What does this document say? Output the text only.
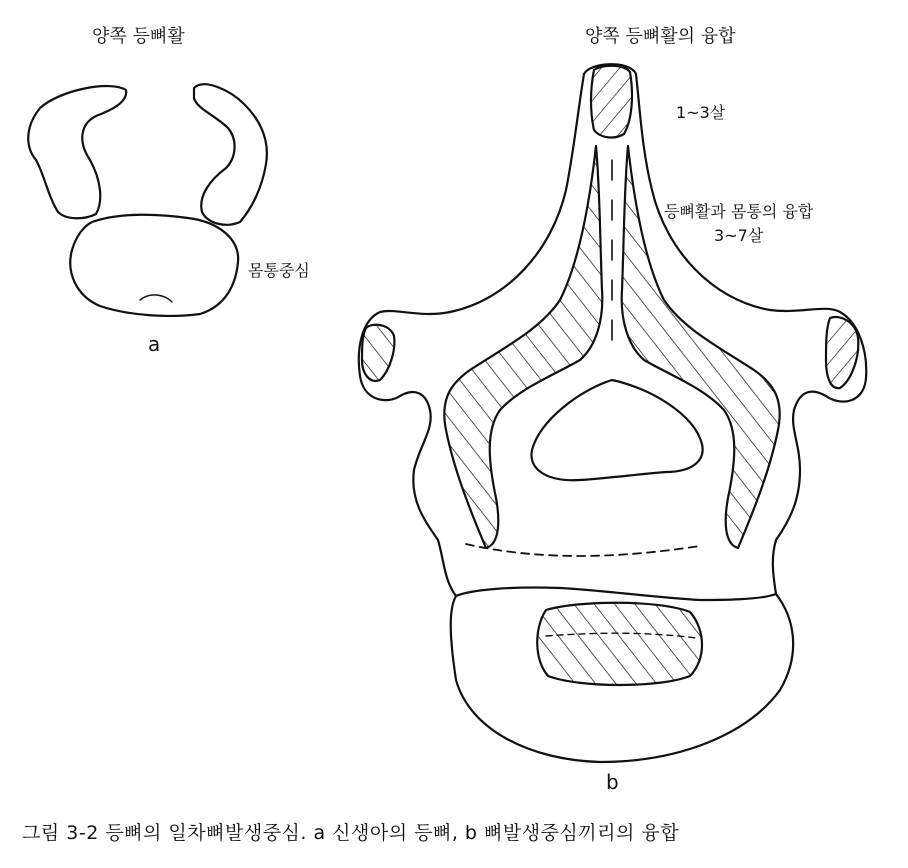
양쪽 등뼈활	양쪽 등뼈활의 융합
1~3살
등뼈활과 몸통의 융합
3~7살
몸통중심
a
b
그림 3-2 등뼈의 일차뼈발생중심. a 신생아의 등뼈, b 뼈발생중심끼리의 융합
